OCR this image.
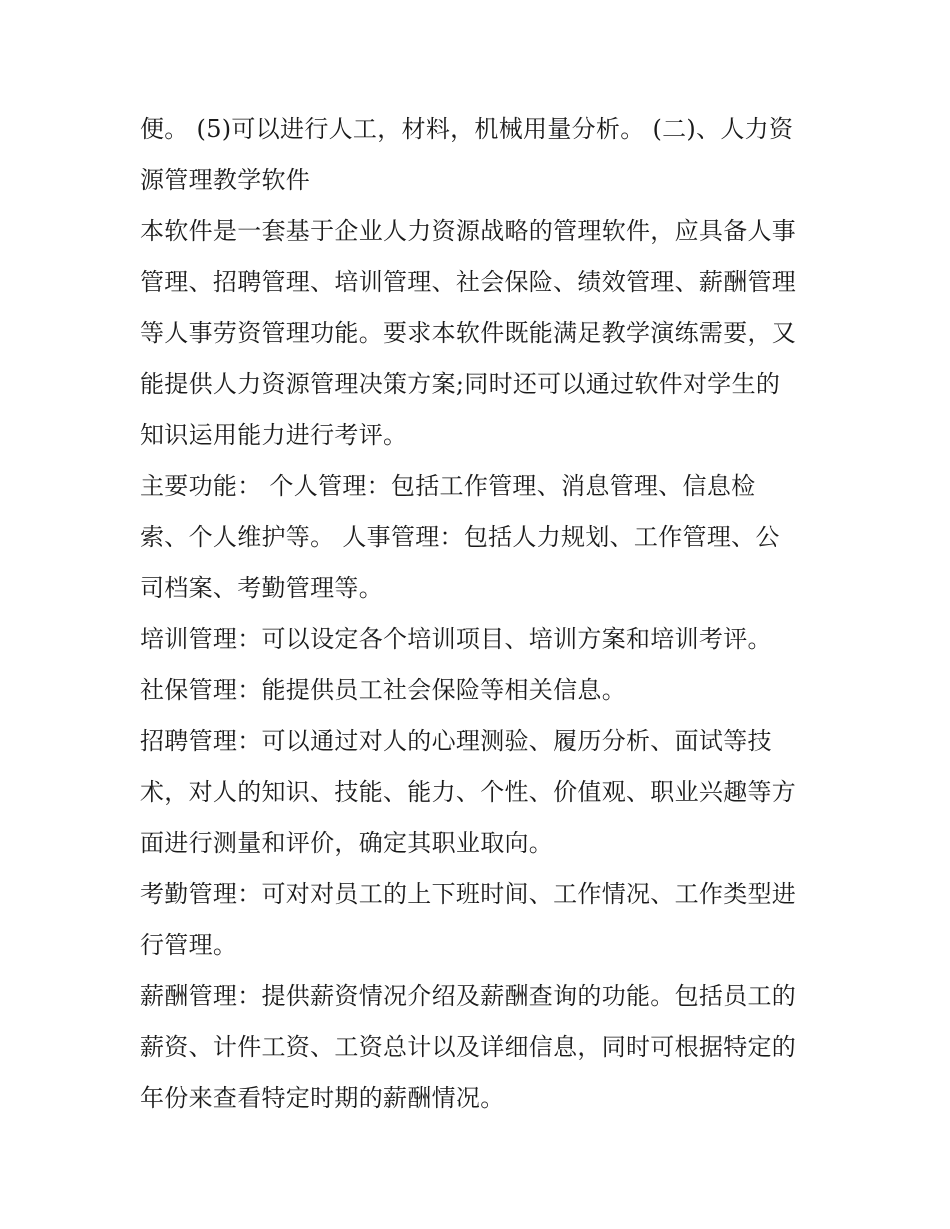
便。 (5)可以进行人工，材料，机械用量分析。 (二)、人力资
源管理教学软件
本软件是一套基于企业人力资源战略的管理软件，应具备人事
管理、招聘管理、培训管理、社会保险、绩效管理、薪酬管理
等人事劳资管理功能。要求本软件既能满足教学演练需要，又
能提供人力资源管理决策方案;同时还可以通过软件对学生的
知识运用能力进行考评。
主要功能： 个人管理：包括工作管理、消息管理、信息检
索、个人维护等。 人事管理：包括人力规划、工作管理、公
司档案、考勤管理等。
培训管理：可以设定各个培训项目、培训方案和培训考评。
社保管理：能提供员工社会保险等相关信息。
招聘管理：可以通过对人的心理测验、履历分析、面试等技
术，对人的知识、技能、能力、个性、价值观、职业兴趣等方
面进行测量和评价，确定其职业取向。
考勤管理：可对对员工的上下班时间、工作情况、工作类型进
行管理。
薪酬管理：提供薪资情况介绍及薪酬查询的功能。包括员工的
薪资、计件工资、工资总计以及详细信息，同时可根据特定的
年份来查看特定时期的薪酬情况。
